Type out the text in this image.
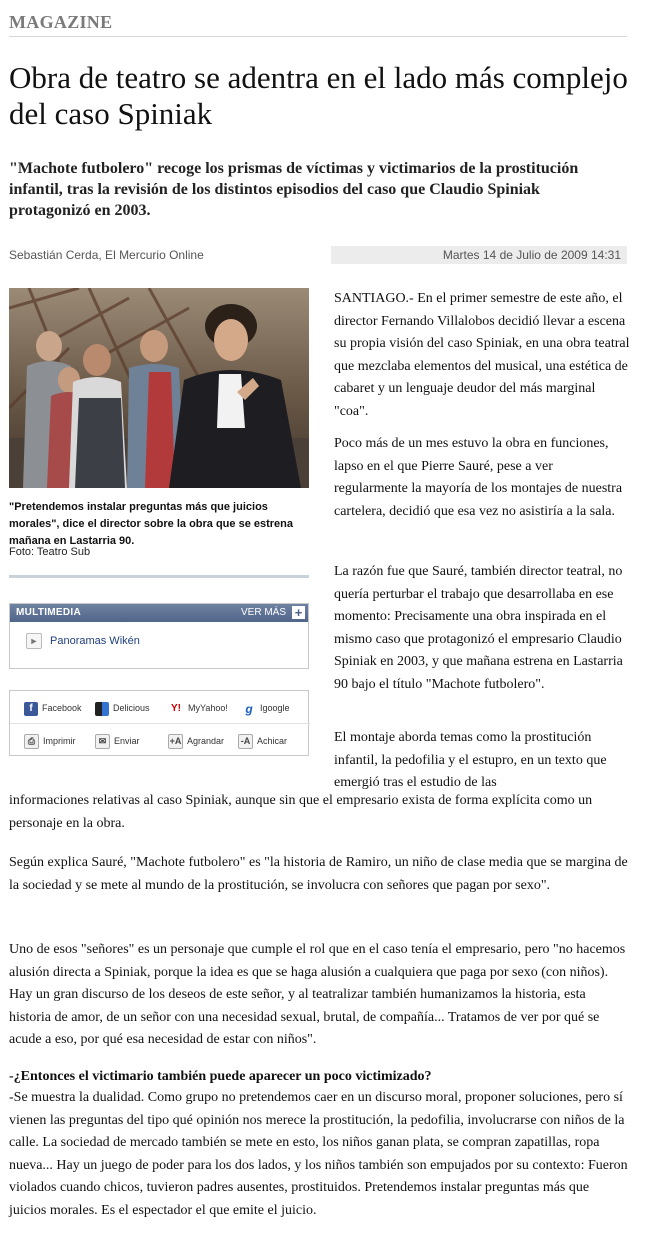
MAGAZINE
Obra de teatro se adentra en el lado más complejo del caso Spiniak

"Machote futbolero" recoge los prismas de víctimas y victimarios de la prostitución infantil, tras la revisión de los distintos episodios del caso que Claudio Spiniak protagonizó en 2003.

Sebastián Cerda, El Mercurio Online	Martes 14 de Julio de 2009 14:31
"Pretendemos instalar preguntas más que juicios morales", dice el director sobre la obra que se estrena mañana en Lastarria 90.
Foto: Teatro Sub
MULTIMEDIA	VER MÁS +
► Panoramas Wikén
f Facebook	Delicious	Y! MyYahoo! g Igoogle
⎙ Imprimir	✉ Enviar	+A Agrandar	-A Achicar

SANTIAGO.- En el primer semestre de este año, el director Fernando Villalobos decidió llevar a escena su propia visión del caso Spiniak, en una obra teatral que mezclaba elementos del musical, una estética de cabaret y un lenguaje deudor del más marginal "coa".

Poco más de un mes estuvo la obra en funciones, lapso en el que Pierre Sauré, pese a ver regularmente la mayoría de los montajes de nuestra cartelera, decidió que esa vez no asistiría a la sala.

La razón fue que Sauré, también director teatral, no quería perturbar el trabajo que desarrollaba en ese momento: Precisamente una obra inspirada en el mismo caso que protagonizó el empresario Claudio Spiniak en 2003, y que mañana estrena en Lastarria 90 bajo el título "Machote futbolero".

El montaje aborda temas como la prostitución infantil, la pedofilia y el estupro, en un texto que emergió tras el estudio de las

informaciones relativas al caso Spiniak, aunque sin que el empresario exista de forma explícita como un personaje en la obra.

Según explica Sauré, "Machote futbolero" es "la historia de Ramiro, un niño de clase media que se margina de la sociedad y se mete al mundo de la prostitución, se involucra con señores que pagan por sexo".

Uno de esos "señores" es un personaje que cumple el rol que en el caso tenía el empresario, pero "no hacemos alusión directa a Spiniak, porque la idea es que se haga alusión a cualquiera que paga por sexo (con niños). Hay un gran discurso de los deseos de este señor, y al teatralizar también humanizamos la historia, esta historia de amor, de un señor con una necesidad sexual, brutal, de compañía... Tratamos de ver por qué se acude a eso, por qué esa necesidad de estar con niños".

-¿Entonces el victimario también puede aparecer un poco victimizado?

-Se muestra la dualidad. Como grupo no pretendemos caer en un discurso moral, proponer soluciones, pero sí vienen las preguntas del tipo qué opinión nos merece la prostitución, la pedofilia, involucrarse con niños de la calle. La sociedad de mercado también se mete en esto, los niños ganan plata, se compran zapatillas, ropa nueva... Hay un juego de poder para los dos lados, y los niños también son empujados por su contexto: Fueron violados cuando chicos, tuvieron padres ausentes, prostituidos. Pretendemos instalar preguntas más que juicios morales. Es el espectador el que emite el juicio.
